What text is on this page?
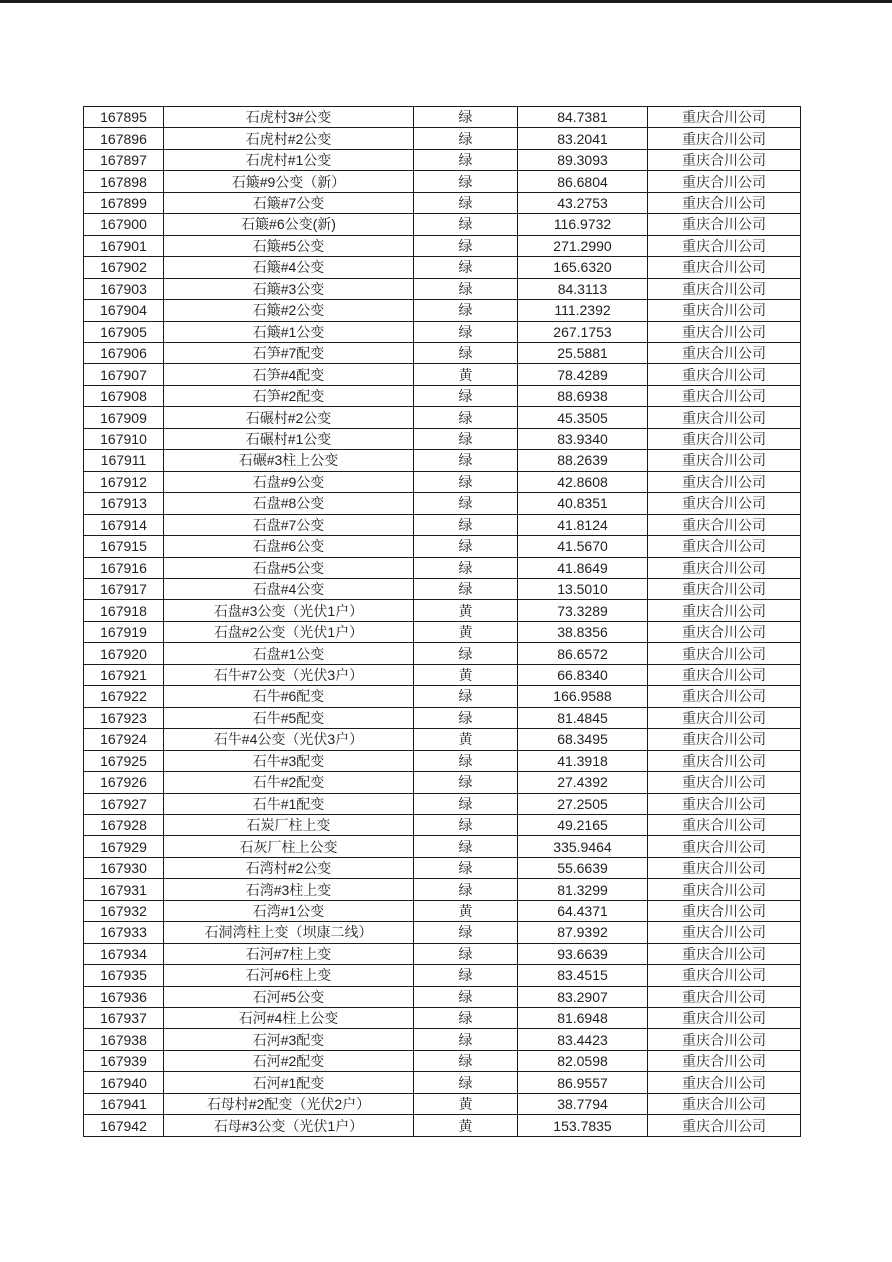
167895	石虎村3#公变	绿	84.7381	重庆合川公司
167896	石虎村#2公变	绿	83.2041	重庆合川公司
167897	石虎村#1公变	绿	89.3093	重庆合川公司
167898	石簸#9公变（新）	绿	86.6804	重庆合川公司
167899	石簸#7公变	绿	43.2753	重庆合川公司
167900	石簸#6公变(新)	绿	116.9732	重庆合川公司
167901	石簸#5公变	绿	271.2990	重庆合川公司
167902	石簸#4公变	绿	165.6320	重庆合川公司
167903	石簸#3公变	绿	84.3113	重庆合川公司
167904	石簸#2公变	绿	111.2392	重庆合川公司
167905	石簸#1公变	绿	267.1753	重庆合川公司
167906	石笋#7配变	绿	25.5881	重庆合川公司
167907	石笋#4配变	黄	78.4289	重庆合川公司
167908	石笋#2配变	绿	88.6938	重庆合川公司
167909	石碾村#2公变	绿	45.3505	重庆合川公司
167910	石碾村#1公变	绿	83.9340	重庆合川公司
167911	石碾#3柱上公变	绿	88.2639	重庆合川公司
167912	石盘#9公变	绿	42.8608	重庆合川公司
167913	石盘#8公变	绿	40.8351	重庆合川公司
167914	石盘#7公变	绿	41.8124	重庆合川公司
167915	石盘#6公变	绿	41.5670	重庆合川公司
167916	石盘#5公变	绿	41.8649	重庆合川公司
167917	石盘#4公变	绿	13.5010	重庆合川公司
167918	石盘#3公变（光伏1户）	黄	73.3289	重庆合川公司
167919	石盘#2公变（光伏1户）	黄	38.8356	重庆合川公司
167920	石盘#1公变	绿	86.6572	重庆合川公司
167921	石牛#7公变（光伏3户）	黄	66.8340	重庆合川公司
167922	石牛#6配变	绿	166.9588	重庆合川公司
167923	石牛#5配变	绿	81.4845	重庆合川公司
167924	石牛#4公变（光伏3户）	黄	68.3495	重庆合川公司
167925	石牛#3配变	绿	41.3918	重庆合川公司
167926	石牛#2配变	绿	27.4392	重庆合川公司
167927	石牛#1配变	绿	27.2505	重庆合川公司
167928	石炭厂柱上变	绿	49.2165	重庆合川公司
167929	石灰厂柱上公变	绿	335.9464	重庆合川公司
167930	石湾村#2公变	绿	55.6639	重庆合川公司
167931	石湾#3柱上变	绿	81.3299	重庆合川公司
167932	石湾#1公变	黄	64.4371	重庆合川公司
167933	石洞湾柱上变（坝康二线）	绿	87.9392	重庆合川公司
167934	石河#7柱上变	绿	93.6639	重庆合川公司
167935	石河#6柱上变	绿	83.4515	重庆合川公司
167936	石河#5公变	绿	83.2907	重庆合川公司
167937	石河#4柱上公变	绿	81.6948	重庆合川公司
167938	石河#3配变	绿	83.4423	重庆合川公司
167939	石河#2配变	绿	82.0598	重庆合川公司
167940	石河#1配变	绿	86.9557	重庆合川公司
167941	石母村#2配变（光伏2户）	黄	38.7794	重庆合川公司
167942	石母#3公变（光伏1户）	黄	153.7835	重庆合川公司
